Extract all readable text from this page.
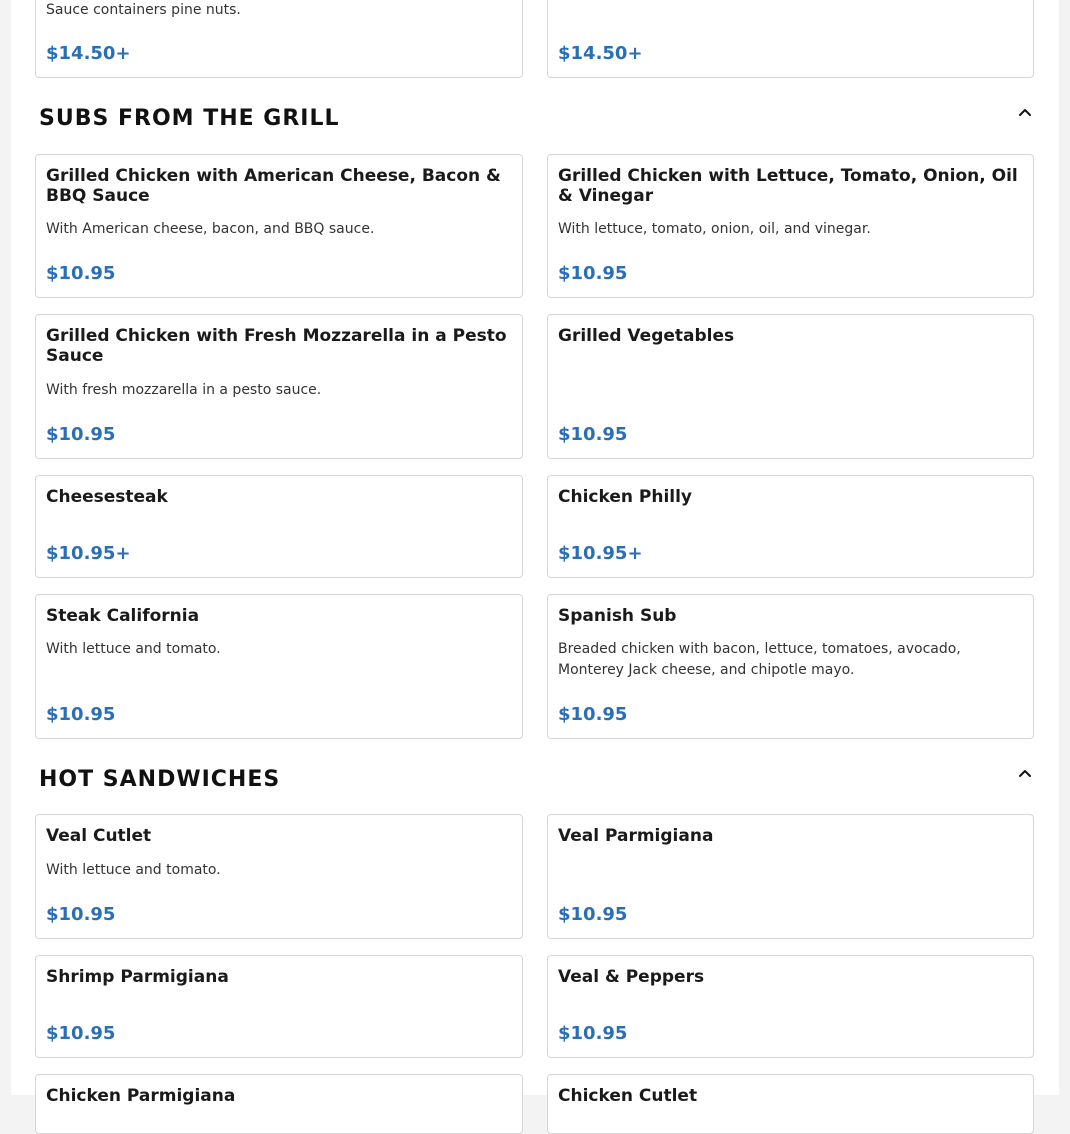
Sauce containers pine nuts.
$14.50+	$14.50+
SUBS FROM THE GRILL
Grilled Chicken with American Cheese, Bacon & BBQ Sauce
With American cheese, bacon, and BBQ sauce.
$10.95
Grilled Chicken with Lettuce, Tomato, Onion, Oil & Vinegar
With lettuce, tomato, onion, oil, and vinegar.
$10.95
Grilled Chicken with Fresh Mozzarella in a Pesto Sauce
With fresh mozzarella in a pesto sauce.
$10.95
Grilled Vegetables
$10.95
Cheesesteak
$10.95+
Chicken Philly
$10.95+
Steak California
With lettuce and tomato.
$10.95
Spanish Sub
Breaded chicken with bacon, lettuce, tomatoes, avocado, Monterey Jack cheese, and chipotle mayo.
$10.95
HOT SANDWICHES
Veal Cutlet
With lettuce and tomato.
$10.95
Veal Parmigiana
$10.95
Shrimp Parmigiana
$10.95
Veal & Peppers
$10.95
Chicken Parmigiana	Chicken Cutlet
